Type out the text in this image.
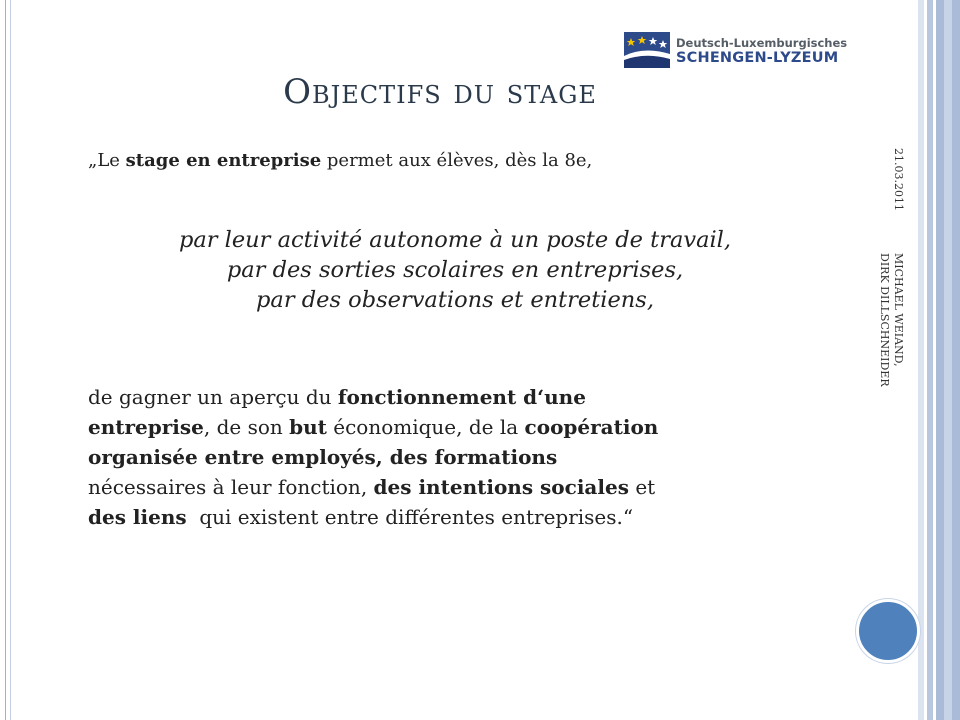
Deutsch-Luxemburgisches
SCHENGEN-LYZEUM
Objectifs du stage
„Le stage en entreprise permet aux élèves, dès la 8e,
par leur activité autonome à un poste de travail,
par des sorties scolaires en entreprises,
par des observations et entretiens,
de gagner un aperçu du fonctionnement d‘une
entreprise, de son but économique, de la coopération
organisée entre employés, des formations
nécessaires à leur fonction, des intentions sociales et
des liens  qui existent entre différentes entreprises.“
21.03.2011
MICHAEL WEIAND,
DIRK DILLSCHNEIDER
